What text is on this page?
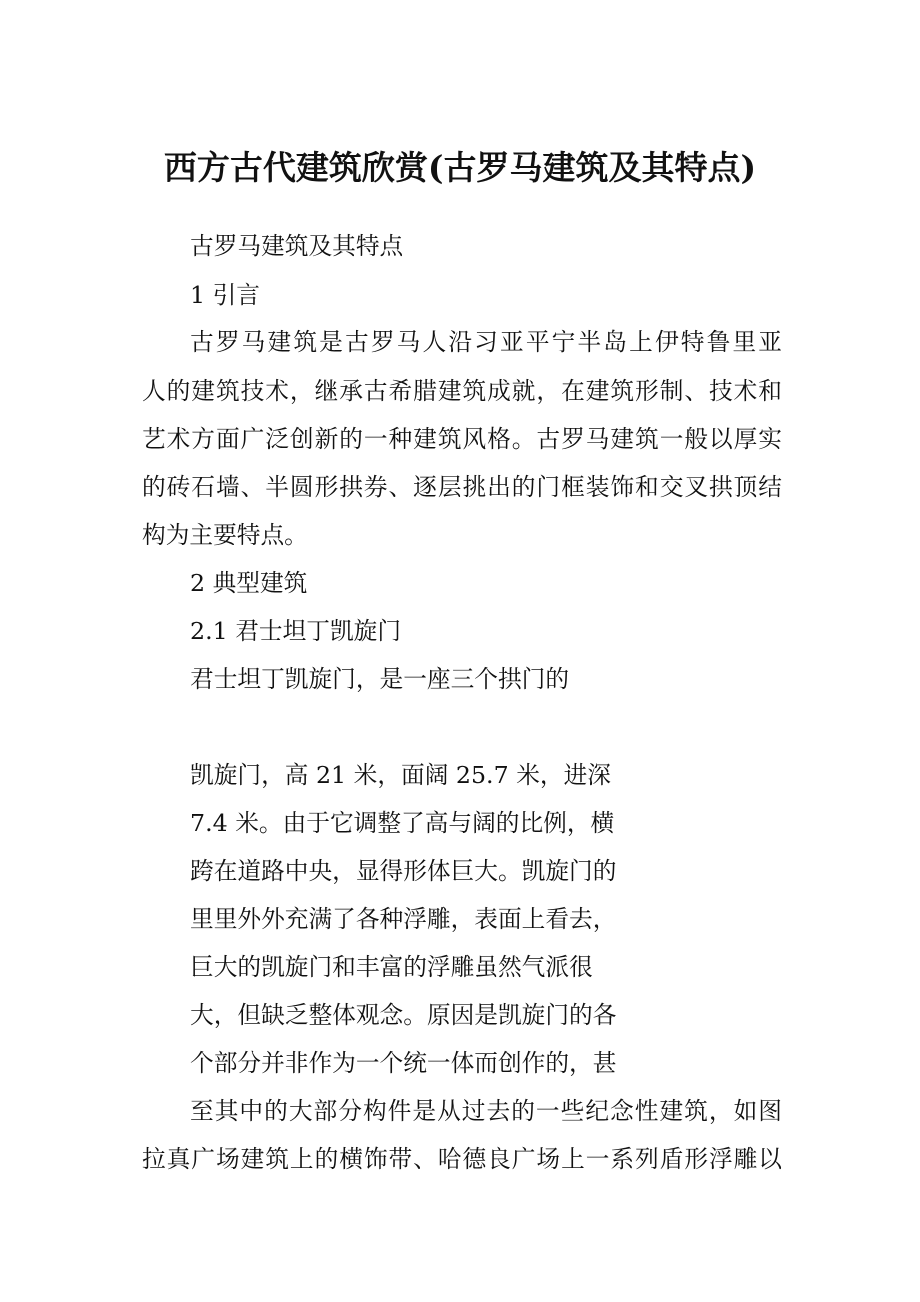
西方古代建筑欣赏(古罗马建筑及其特点)
古罗马建筑及其特点
1 引言
古罗马建筑是古罗马人沿习亚平宁半岛上伊特鲁里亚
人的建筑技术，继承古希腊建筑成就，在建筑形制、技术和
艺术方面广泛创新的一种建筑风格。古罗马建筑一般以厚实
的砖石墙、半圆形拱券、逐层挑出的门框装饰和交叉拱顶结
构为主要特点。
2 典型建筑
2.1 君士坦丁凯旋门
君士坦丁凯旋门，是一座三个拱门的
凯旋门，高 21 米，面阔 25.7 米，进深
7.4 米。由于它调整了高与阔的比例，横
跨在道路中央，显得形体巨大。凯旋门的
里里外外充满了各种浮雕，表面上看去，
巨大的凯旋门和丰富的浮雕虽然气派很
大，但缺乏整体观念。原因是凯旋门的各
个部分并非作为一个统一体而创作的，甚
至其中的大部分构件是从过去的一些纪念性建筑，如图
拉真广场建筑上的横饰带、哈德良广场上一系列盾形浮雕以
